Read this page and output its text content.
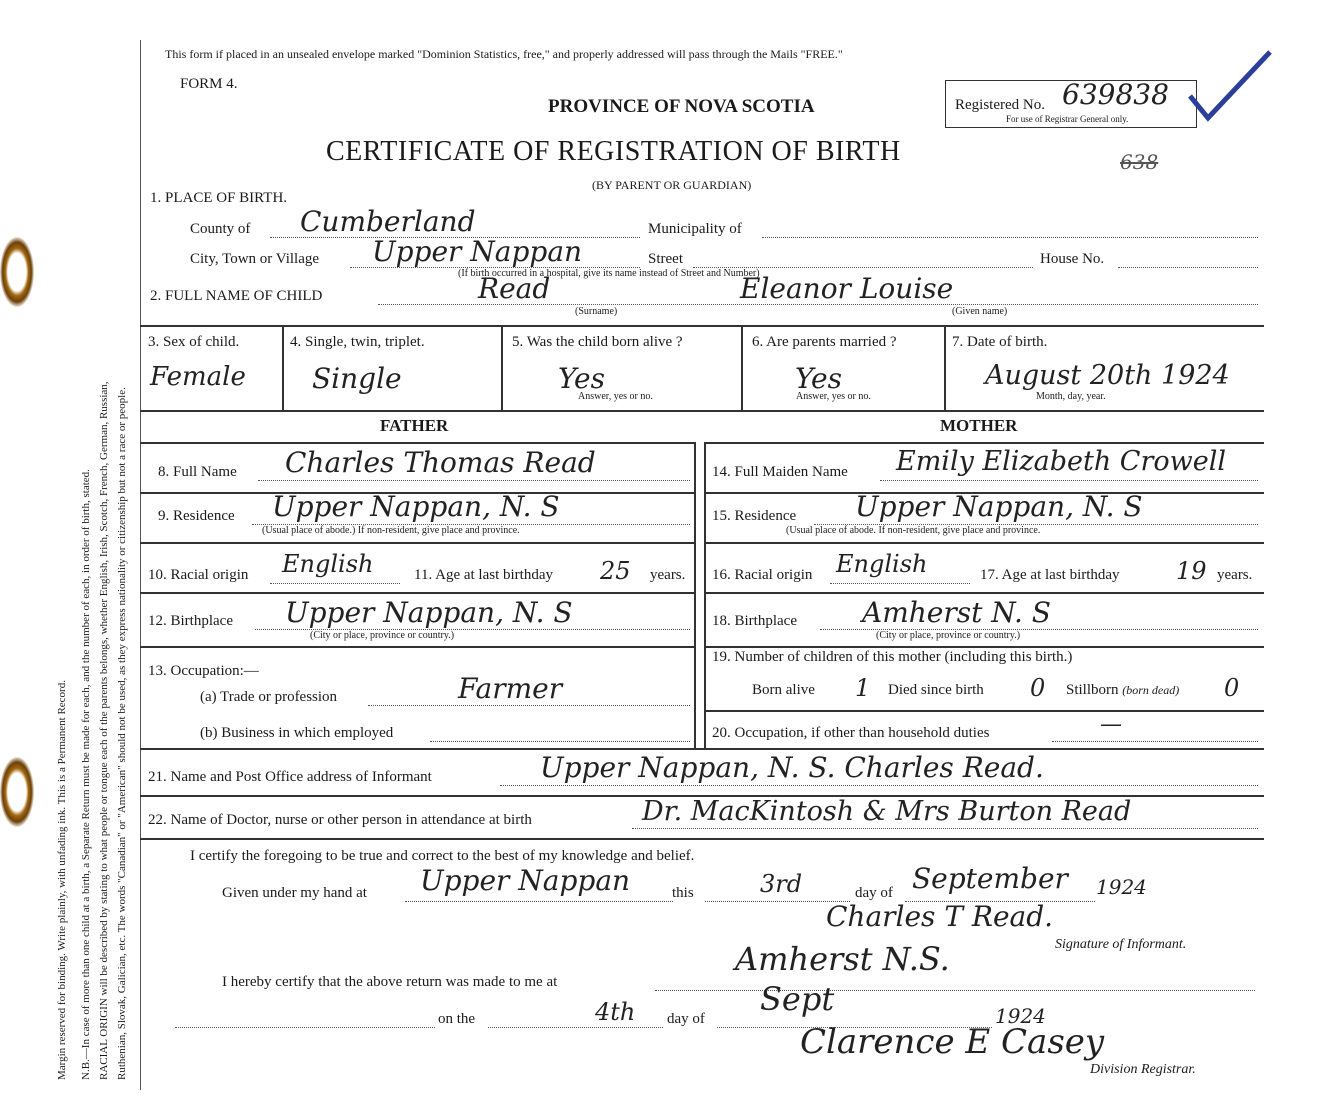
Margin reserved for binding. Write plainly, with unfading ink. This is a Permanent Record. N.B.—In case of more than one child at a birth, a Separate Return must be made for each, and the number of each, in order of birth, stated. RACIAL ORIGIN will be described by stating to what people or tongue each of the parents belongs, whether English, Irish, Scotch, French, German, Russian, Ruthenian, Slovak, Galician, etc. The words "Canadian" or "American" should not be used, as they express nationality or citizenship but not a race or people.
This form if placed in an unsealed envelope marked "Dominion Statistics, free," and properly addressed will pass through the Mails "FREE."
FORM 4.
PROVINCE OF NOVA SCOTIA
CERTIFICATE OF REGISTRATION OF BIRTH
(BY PARENT OR GUARDIAN)
Registered No. 639838
For use of Registrar General only.
638
1. PLACE OF BIRTH.
County of Cumberland	Municipality of
City, Town or Village Upper Nappan	Street	House No.
(If birth occurred in a hospital, give its name instead of Street and Number)
2. FULL NAME OF CHILD	Read	Eleanor Louise
(Surname)	(Given name)
3. Sex of child.
Female
4. Single, twin, triplet.
Single
5. Was the child born alive ?
Yes
Answer, yes or no.
6. Are parents married ?
Yes
Answer, yes or no.
7. Date of birth.
August 20th 1924
Month, day, year.
FATHER	MOTHER
8. Full Name Charles Thomas Read
9. Residence Upper Nappan, N. S
(Usual place of abode.) If non-resident, give place and province.
10. Racial origin English	11. Age at last birthday 25 years.
12. Birthplace Upper Nappan, N. S
(City or place, province or country.)
13. Occupation:—
(a) Trade or profession	Farmer
(b) Business in which employed
14. Full Maiden Name Emily Elizabeth Crowell
15. Residence Upper Nappan, N. S
(Usual place of abode. If non-resident, give place and province.
16. Racial origin English	17. Age at last birthday 19 years.
18. Birthplace Amherst N. S
(City or place, province or country.)
19. Number of children of this mother (including this birth.)
Born alive 1 Died since birth 0 Stillborn (born dead) 0
20. Occupation, if other than household duties	—
21. Name and Post Office address of Informant	Upper Nappan, N. S. Charles Read.
22. Name of Doctor, nurse or other person in attendance at birth	Dr. MacKintosh & Mrs Burton Read
I certify the foregoing to be true and correct to the best of my knowledge and belief.
Given under my hand at Upper Nappan	this	3rd	day of September 1924
Charles T Read.
Signature of Informant.
I hereby certify that the above return was made to me at
Amherst N.S.
on the	4th day of
Sept	1924
Clarence E Casey
Division Registrar.
